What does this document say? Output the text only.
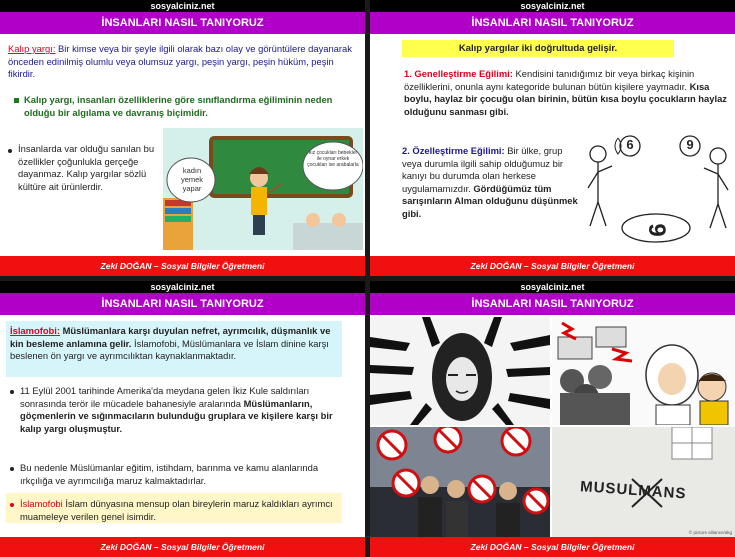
sosyalciniz.net
İNSANLARI NASIL TANIYORUZ
Kalıp yargı: Bir kimse veya bir şeyle ilgili olarak bazı olay ve görüntülere dayanarak önceden edinilmiş olumlu veya olumsuz yargı, peşin yargı, peşin hüküm, peşin fikirdir.
Kalıp yargı, insanları özelliklerine göre sınıflandırma eğiliminin neden olduğu bir algılama ve davranış biçimidir.
İnsanlarda var olduğu sanılan bu özellikler çoğunlukla gerçeğe dayanmaz. Kalıp yargılar sözlü kültüre ait ürünlerdir.
kadın yemek yapar
kız çocukları bebekler ile oynar erkek çocukları ise arabalarla
Zeki DOĞAN – Sosyal Bilgiler Öğretmeni
sosyalciniz.net
İNSANLARI NASIL TANIYORUZ
Kalıp yargılar iki doğrultuda gelişir.
1. Genelleştirme Eğilimi: Kendisini tanıdığımız bir veya birkaç kişinin özelliklerini, onunla aynı kategoride bulunan bütün kişilere yaymadır. Kısa boylu, haylaz bir çocuğu olan birinin, bütün kısa boylu çocukların haylaz olduğunu sanması gibi.
2. Özelleştirme Eğilimi: Bir ülke, grup veya durumla ilgili sahip olduğumuz bir kanıyı bu durumda olan herkese uygulamamızdır. Gördüğümüz tüm sarışınların Alman olduğunu düşünmek gibi.
6	6
9
Zeki DOĞAN – Sosyal Bilgiler Öğretmeni
sosyalciniz.net
İNSANLARI NASIL TANIYORUZ
İslamofobi: Müslümanlara karşı duyulan nefret, ayrımcılık, düşmanlık ve kin besleme anlamına gelir. İslamofobi, Müslümanlara ve İslam dinine karşı beslenen ön yargı ve ayrımcılıktan kaynaklanmaktadır.
11 Eylül 2001 tarihinde Amerika'da meydana gelen İkiz Kule saldırıları sonrasında terör ile mücadele bahanesiyle aralarında Müslümanların, göçmenlerin ve sığınmacıların bulunduğu gruplara ve kişilere karşı bir kalıp yargı oluşmuştur.
Bu nedenle Müslümanlar eğitim, istihdam, barınma ve kamu alanlarında ırkçılığa ve ayrımcılığa maruz kalmaktadırlar.
İslamofobi İslam dünyasına mensup olan bireylerin maruz kaldıkları ayrımcı muameleye verilen genel isimdir.
Zeki DOĞAN – Sosyal Bilgiler Öğretmeni
sosyalciniz.net
İNSANLARI NASIL TANIYORUZ
MUSULMANS
© picture alliance/akg
Zeki DOĞAN – Sosyal Bilgiler Öğretmeni
